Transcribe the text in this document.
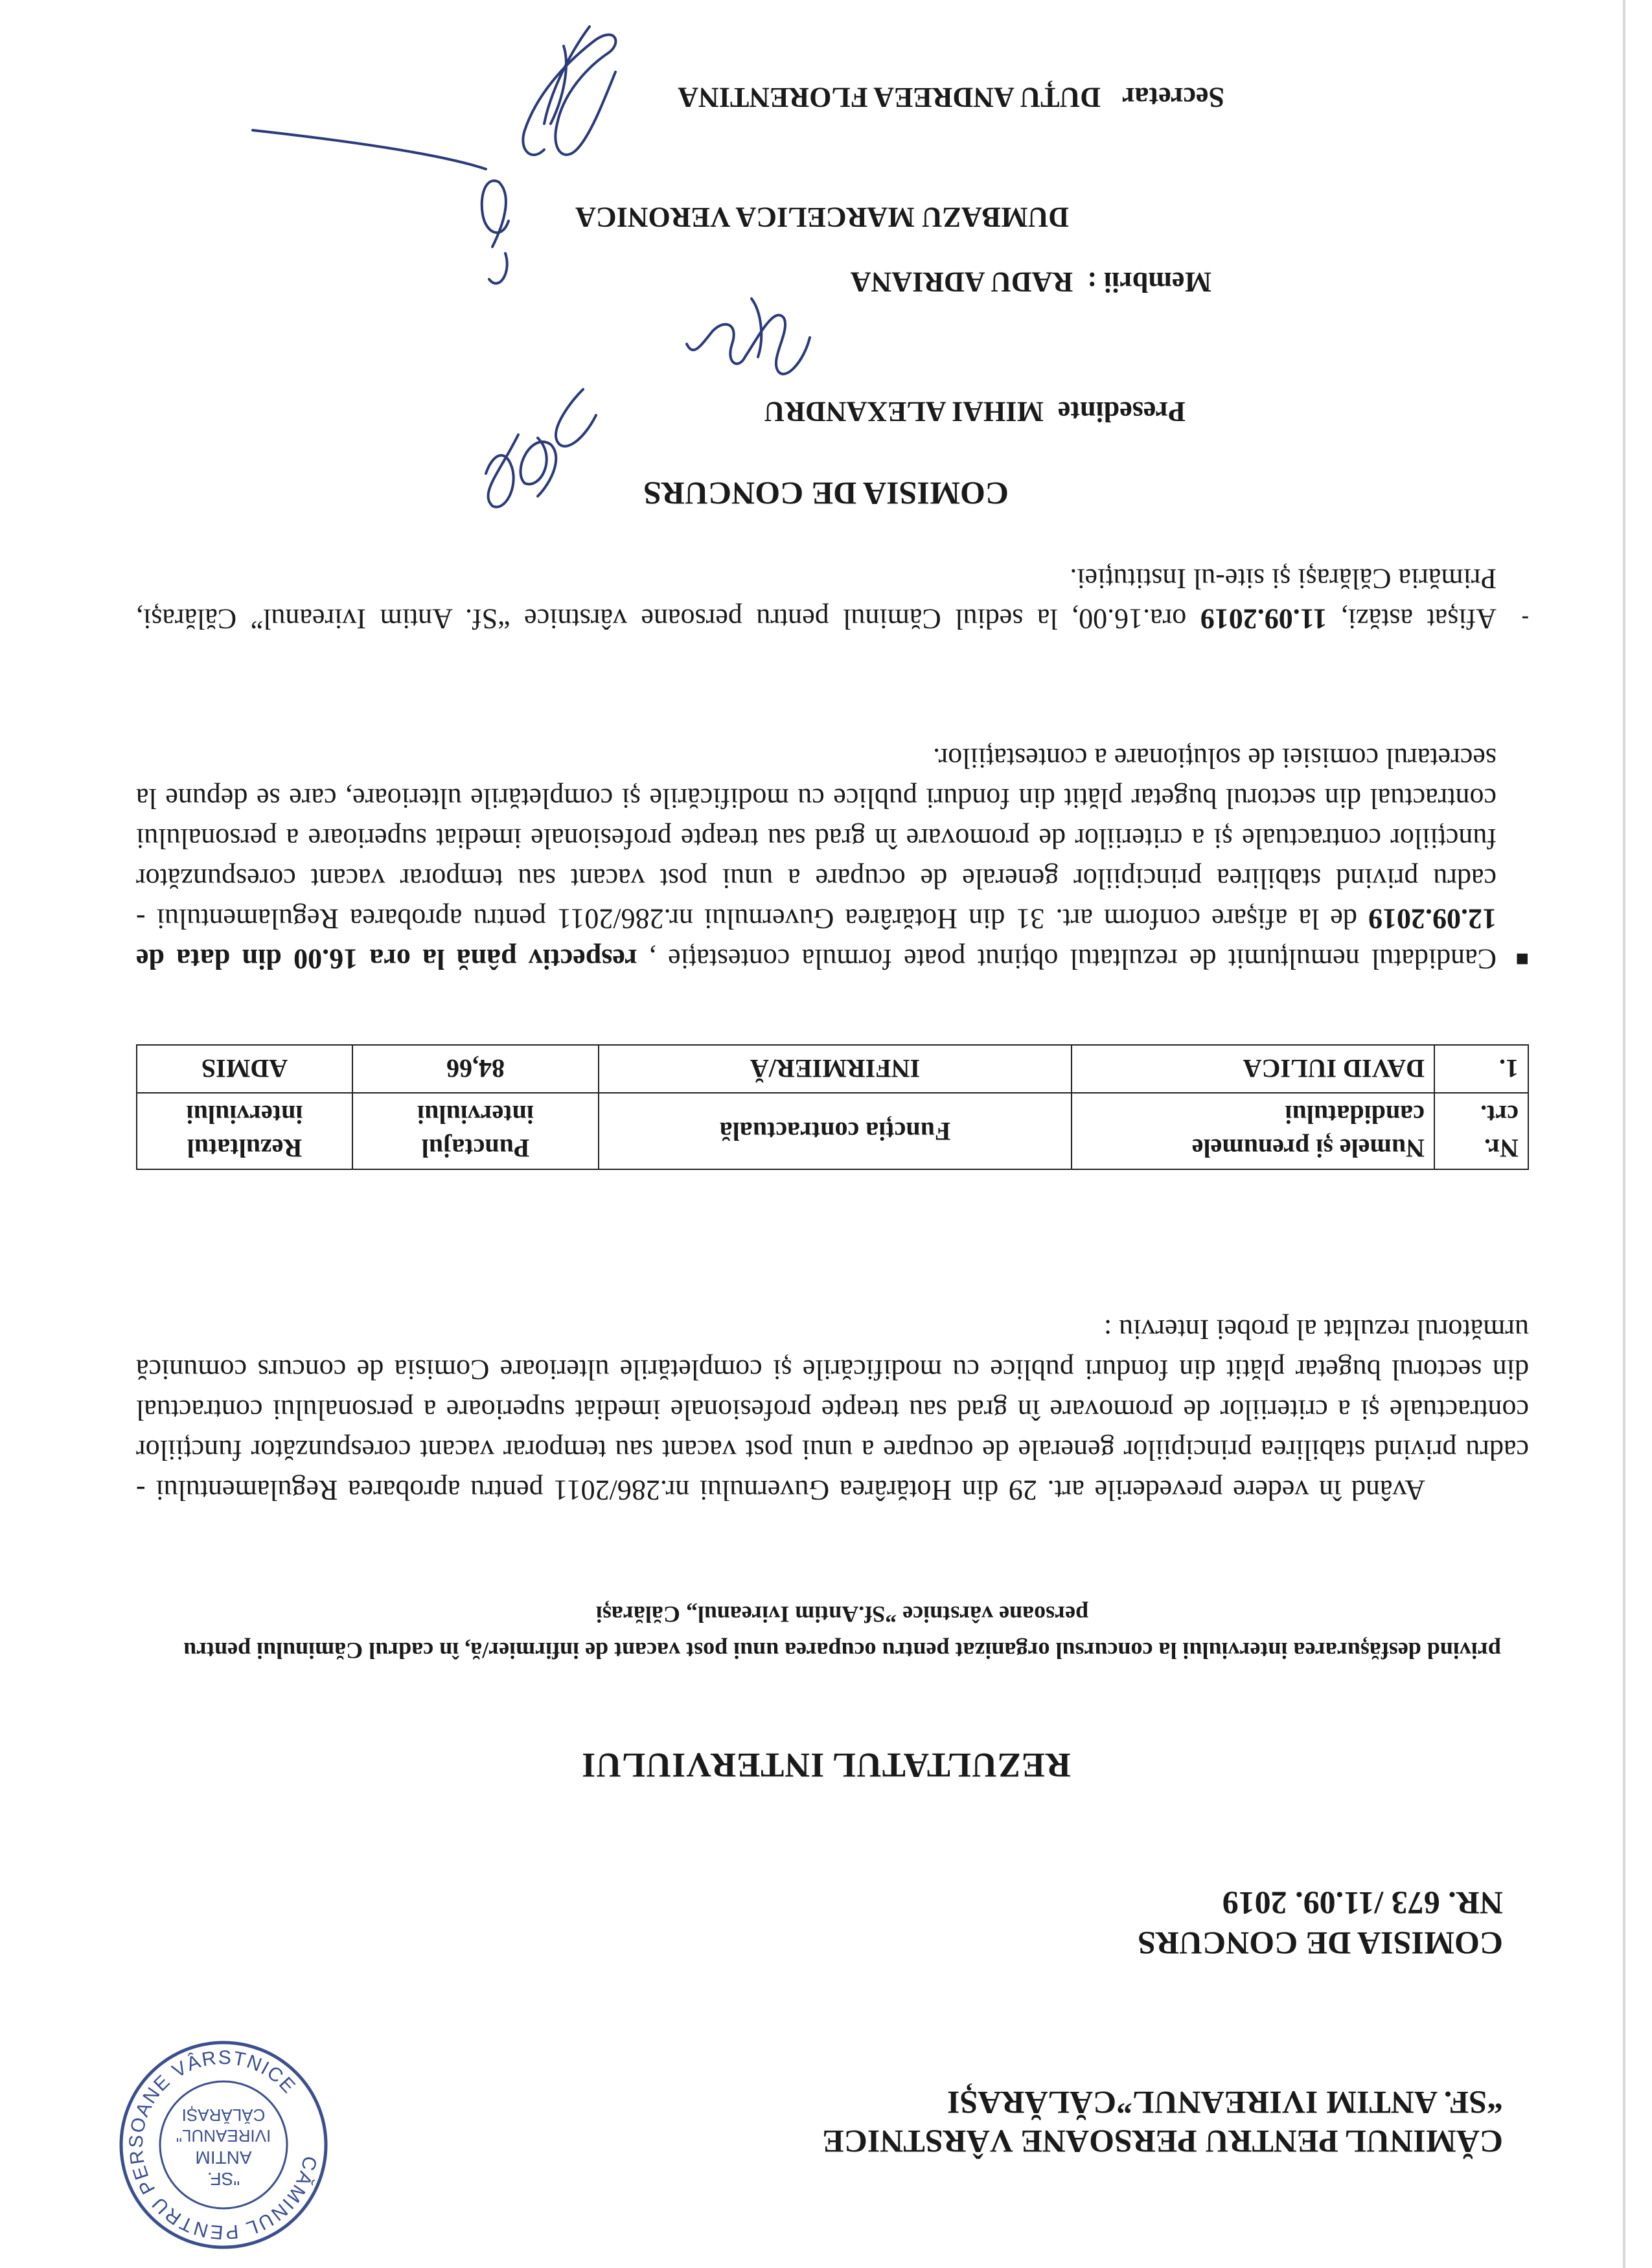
CĂMINUL PENTRU PERSOANE VÂRSTNICE
"SF.
ANTIM
IVIREANUL"
CĂLĂRAȘI
CĂMINUL PENTRU PERSOANE VÂRSTNICE
“SF. ANTIM IVIREANUL”CĂLĂRAȘI
COMISIA DE CONCURS
NR. 673 /11.09. 2019
REZULTATUL INTERVIULUI
privind desfășurarea interviului la concursul organizat pentru ocuparea unui post vacant de infirmier/ă, în cadrul Căminului pentru persoane vârstnice ”Sf.Antim Ivireanul„ Călărași
Având în vedere prevederile art. 29 din Hotărârea Guvernului nr.286/2011 pentru aprobarea Regulamentului - cadru privind stabilirea principiilor generale de ocupare a unui post vacant sau temporar vacant corespunzător funcțiilor contractuale și a criteriilor de promovare în grad sau treapte profesionale imediat superioare a personalului contractual din sectorul bugetar plătit din fonduri publice cu modificările și completările ulterioare Comisia de concurs comunică următorul rezultat al probei Interviu :
Nr. crt.	Numele și prenumele candidatului	Funcția contractuală	Punctajul interviului	Rezultatul interviului
1.	DAVID IULICA	INFIRMIER/Ă	84,66	ADMIS
■
Candidatul nemulțumit de rezultatul obținut poate formula contestație , respectiv până la ora 16.00 din data de 12.09.2019 de la afișare conform art. 31 din Hotărârea Guvernului nr.286/2011 pentru aprobarea Regulamentului - cadru privind stabilirea principiilor generale de ocupare a unui post vacant sau temporar vacant corespunzător funcțiilor contractuale și a criteriilor de promovare în grad sau treapte profesionale imediat superioare a personalului contractual din sectorul bugetar plătit din fonduri publice cu modificările și completările ulterioare, care se depune la secretarul comisiei de soluționare a contestațiilor.
-
Afișat astăzi, 11.09.2019 ora.16.00, la sediul Căminul pentru persoane vârstnice “Sf. Antim Ivireanul” Călărași, Primăria Călărași și site-ul Instituției.
COMISIA DE CONCURS
Presedinte  MIHAI ALEXANDRU
Membrii :  RADU ADRIANA
DUMBAZU MARCELICA VERONICA
Secretar   DUȚU ANDREEA FLORENTINA
